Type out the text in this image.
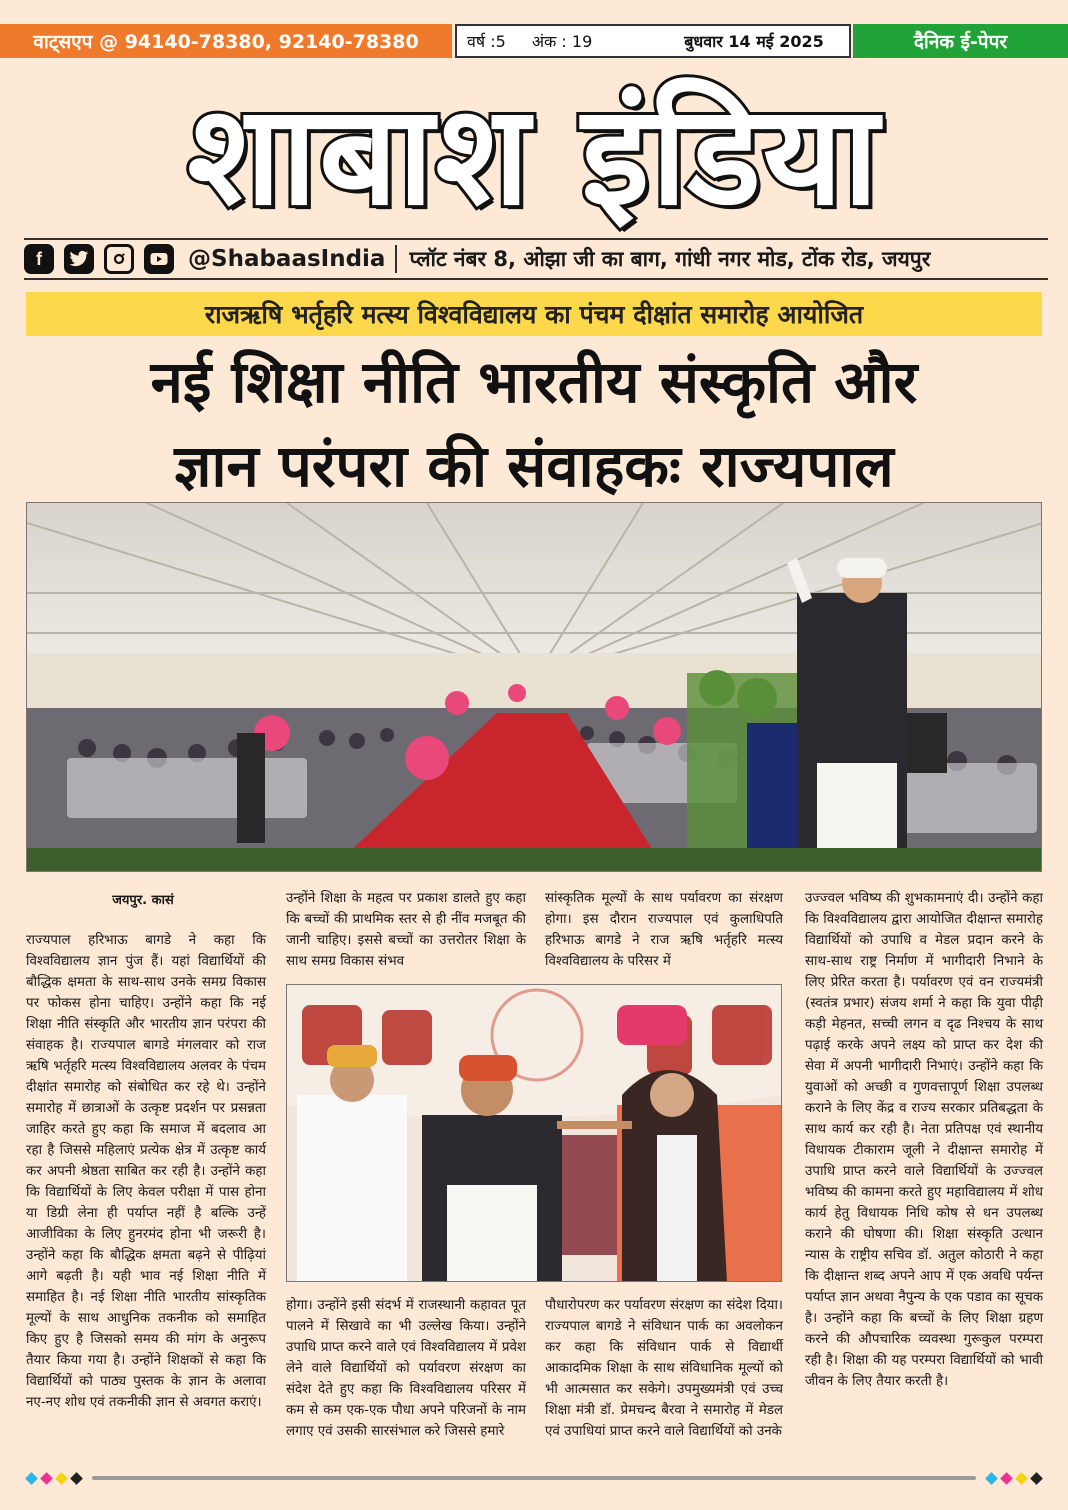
वाट्सएप @ 94140-78380, 92140-78380	वर्ष :5 अंक : 19	बुधवार 14 मई 2025	दैनिक ई-पेपर
शाबाश इंडिया
f	@ShabaasIndia प्लॉट नंबर 8, ओझा जी का बाग, गांधी नगर मोड, टोंक रोड, जयपुर
राजऋषि भर्तृहरि मत्स्य विश्वविद्यालय का पंचम दीक्षांत समारोह आयोजित
नई शिक्षा नीति भारतीय संस्कृति और
ज्ञान परंपरा की संवाहकः राज्यपाल
जयपुर. कासं

राज्यपाल हरिभाऊ बागडे ने कहा कि विश्वविद्यालय ज्ञान पुंज हैं। यहां विद्यार्थियों की बौद्धिक क्षमता के साथ-साथ उनके समग्र विकास पर फोकस होना चाहिए। उन्होंने कहा कि नई शिक्षा नीति संस्कृति और भारतीय ज्ञान परंपरा की संवाहक है। राज्यपाल बागडे मंगलवार को राज ऋषि भर्तृहरि मत्स्य विश्वविद्यालय अलवर के पंचम दीक्षांत समारोह को संबोधित कर रहे थे। उन्होंने समारोह में छात्राओं के उत्कृष्ट प्रदर्शन पर प्रसन्नता जाहिर करते हुए कहा कि समाज में बदलाव आ रहा है जिससे महिलाएं प्रत्येक क्षेत्र में उत्कृष्ट कार्य कर अपनी श्रेष्ठता साबित कर रही है। उन्होंने कहा कि विद्यार्थियों के लिए केवल परीक्षा में पास होना या डिग्री लेना ही पर्याप्त नहीं है बल्कि उन्हें आजीविका के लिए हुनरमंद होना भी जरूरी है। उन्होंने कहा कि बौद्धिक क्षमता बढ़ने से पीढ़ियां आगे बढ़ती है। यही भाव नई शिक्षा नीति में समाहित है। नई शिक्षा नीति भारतीय सांस्कृतिक मूल्यों के साथ आधुनिक तकनीक को समाहित किए हुए है जिसको समय की मांग के अनुरूप तैयार किया गया है। उन्होंने शिक्षकों से कहा कि विद्यार्थियों को पाठ्य पुस्तक के ज्ञान के अलावा नए-नए शोध एवं तकनीकी ज्ञान से अवगत कराएं।

उन्होंने शिक्षा के महत्व पर प्रकाश डालते हुए कहा कि बच्चों की प्राथमिक स्तर से ही नींव मजबूत की जानी चाहिए। इससे बच्चों का उत्तरोतर शिक्षा के साथ समग्र विकास संभव

सांस्कृतिक मूल्यों के साथ पर्यावरण का संरक्षण होगा। इस दौरान राज्यपाल एवं कुलाधिपति हरिभाऊ बागडे ने राज ऋषि भर्तृहरि मत्स्य विश्वविद्यालय के परिसर में

होगा। उन्होंने इसी संदर्भ में राजस्थानी कहावत पूत पालने में सिखावे का भी उल्लेख किया। उन्होंने उपाधि प्राप्त करने वाले एवं विश्वविद्यालय में प्रवेश लेने वाले विद्यार्थियों को पर्यावरण संरक्षण का संदेश देते हुए कहा कि विश्वविद्यालय परिसर में कम से कम एक-एक पौधा अपने परिजनों के नाम लगाए एवं उसकी सारसंभाल करे जिससे हमारे

पौधारोपरण कर पर्यावरण संरक्षण का संदेश दिया। राज्यपाल बागडे ने संविधान पार्क का अवलोकन कर कहा कि संविधान पार्क से विद्यार्थी आकादमिक शिक्षा के साथ संविधानिक मूल्यों को भी आत्मसात कर सकेगे। उपमुख्यमंत्री एवं उच्च शिक्षा मंत्री डॉ. प्रेमचन्द बैरवा ने समारोह में मेडल एवं उपाधियां प्राप्त करने वाले विद्यार्थियों को उनके

उज्ज्वल भविष्य की शुभकामनाएं दी। उन्होंने कहा कि विश्वविद्यालय द्वारा आयोजित दीक्षान्त समारोह विद्यार्थियों को उपाधि व मेडल प्रदान करने के साथ-साथ राष्ट्र निर्माण में भागीदारी निभाने के लिए प्रेरित करता है। पर्यावरण एवं वन राज्यमंत्री (स्वतंत्र प्रभार) संजय शर्मा ने कहा कि युवा पीढ़ी कड़ी मेहनत, सच्ची लगन व दृढ निश्चय के साथ पढ़ाई करके अपने लक्ष्य को प्राप्त कर देश की सेवा में अपनी भागीदारी निभाएं। उन्होंने कहा कि युवाओं को अच्छी व गुणवत्तापूर्ण शिक्षा उपलब्ध कराने के लिए केंद्र व राज्य सरकार प्रतिबद्धता के साथ कार्य कर रही है। नेता प्रतिपक्ष एवं स्थानीय विधायक टीकाराम जूली ने दीक्षान्त समारोह में उपाधि प्राप्त करने वाले विद्यार्थियों के उज्ज्वल भविष्य की कामना करते हुए महाविद्यालय में शोध कार्य हेतु विधायक निधि कोष से धन उपलब्ध कराने की घोषणा की। शिक्षा संस्कृति उत्थान न्यास के राष्ट्रीय सचिव डॉ. अतुल कोठारी ने कहा कि दीक्षान्त शब्द अपने आप में एक अवधि पर्यन्त पर्याप्त ज्ञान अथवा नैपुन्य के एक पडाव का सूचक है। उन्होंने कहा कि बच्चों के लिए शिक्षा ग्रहण करने की औपचारिक व्यवस्था गुरूकुल परम्परा रही है। शिक्षा की यह परम्परा विद्यार्थियों को भावी जीवन के लिए तैयार करती है।
